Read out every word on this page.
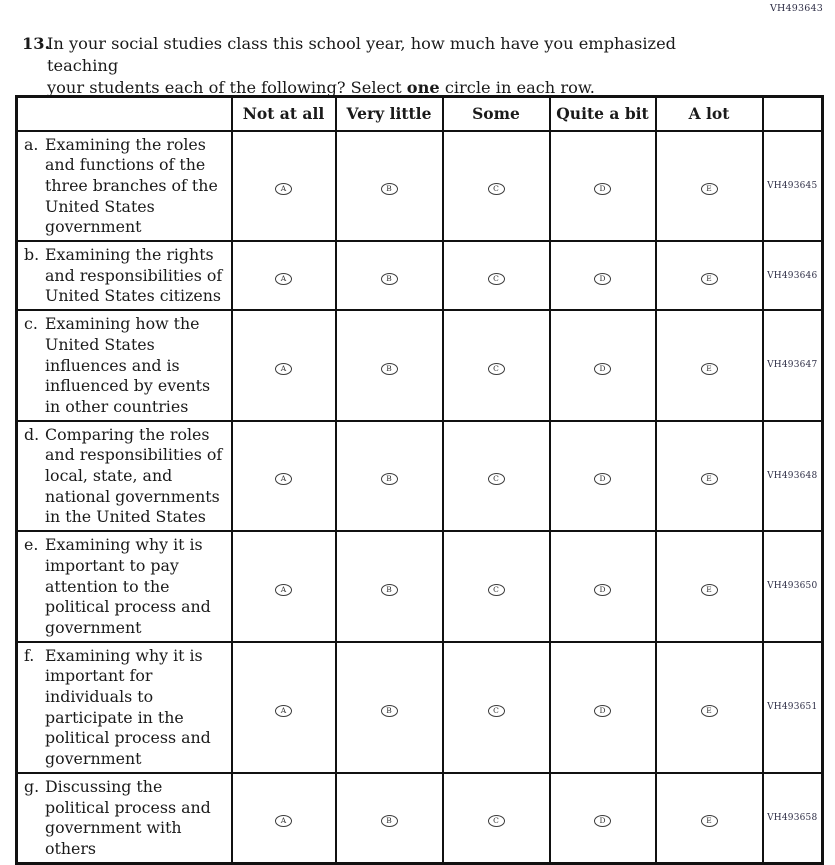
VH493643
13.
In your social studies class this school year, how much have you emphasized teaching
your students each of the following? Select one circle in each row.
	Not at all	Very little	Some	Quite a bit	A lot	

a. Examining the roles and functions of the three branches of the United States government	A	B	C	D	E	VH493645

b. Examining the rights and responsibilities of United States citizens	A	B	C	D	E	VH493646

c. Examining how the United States influences and is influenced by events in other countries	A	B	C	D	E	VH493647

d. Comparing the roles and responsibilities of local, state, and national governments in the United States	A	B	C	D	E	VH493648

e. Examining why it is important to pay attention to the political process and government	A	B	C	D	E	VH493650

f. Examining why it is important for individuals to participate in the political process and government	A	B	C	D	E	VH493651

g. Discussing the political process and government with others	A	B	C	D	E	VH493658
